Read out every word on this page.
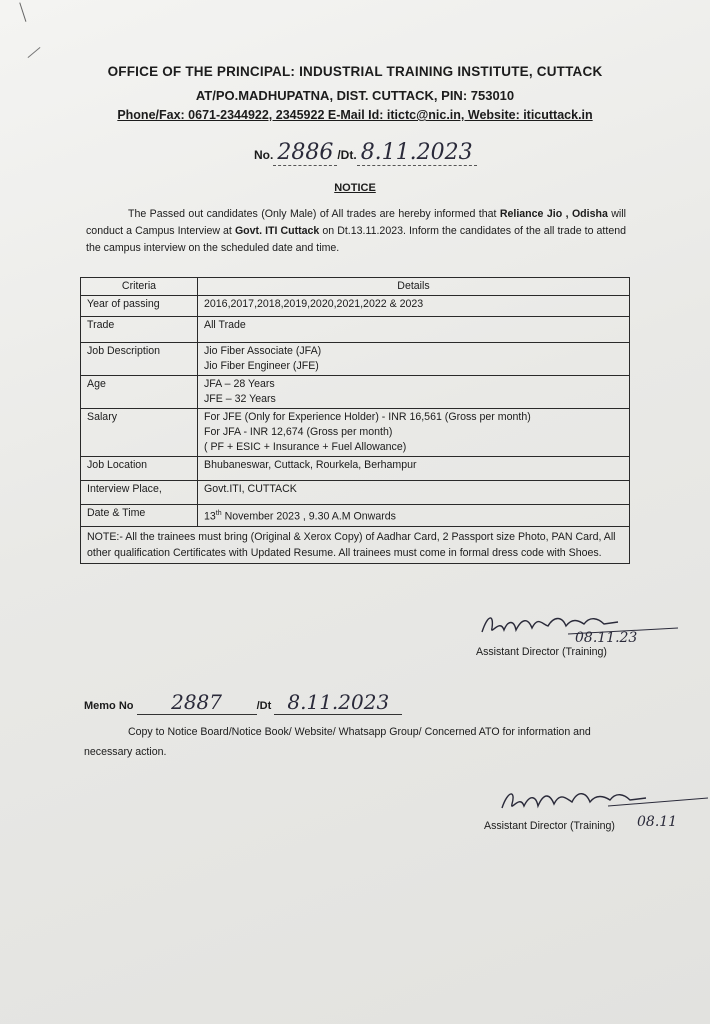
OFFICE OF THE PRINCIPAL: INDUSTRIAL TRAINING INSTITUTE, CUTTACK
AT/PO.MADHUPATNA, DIST. CUTTACK, PIN: 753010
Phone/Fax: 0671-2344922, 2345922 E-Mail Id: itictc@nic.in, Website: iticuttack.in
No. 2886 /Dt. 8.11.2023
NOTICE
The Passed out candidates (Only Male) of All trades are hereby informed that Reliance Jio , Odisha will conduct a Campus Interview at Govt. ITI Cuttack on Dt.13.11.2023. Inform the candidates of the all trade to attend the campus interview on the scheduled date and time.
Criteria	Details
Year of passing	2016,2017,2018,2019,2020,2021,2022 & 2023

Trade	All Trade

Job Description	Jio Fiber Associate (JFA)
Jio Fiber Engineer (JFE)

Age	JFA – 28 Years
JFE – 32 Years

Salary	For JFE (Only for Experience Holder) - INR 16,561 (Gross per month)
For JFA - INR 12,674 (Gross per month)
( PF + ESIC + Insurance + Fuel Allowance)

Job Location	Bhubaneswar, Cuttack, Rourkela, Berhampur

Interview Place,	Govt.ITI, CUTTACK

Date & Time	13th November 2023 , 9.30 A.M Onwards
NOTE:- All the trainees must bring (Original & Xerox Copy) of Aadhar Card, 2 Passport size Photo, PAN Card, All other qualification Certificates with Updated Resume. All trainees must come in formal dress code with Shoes.	
08.11.23
Assistant Director (Training)
Memo No 2887	/Dt 8.11.2023
Copy to Notice Board/Notice Book/ Website/ Whatsapp Group/ Concerned ATO for information and necessary action.
Assistant Director (Training) 08.11
